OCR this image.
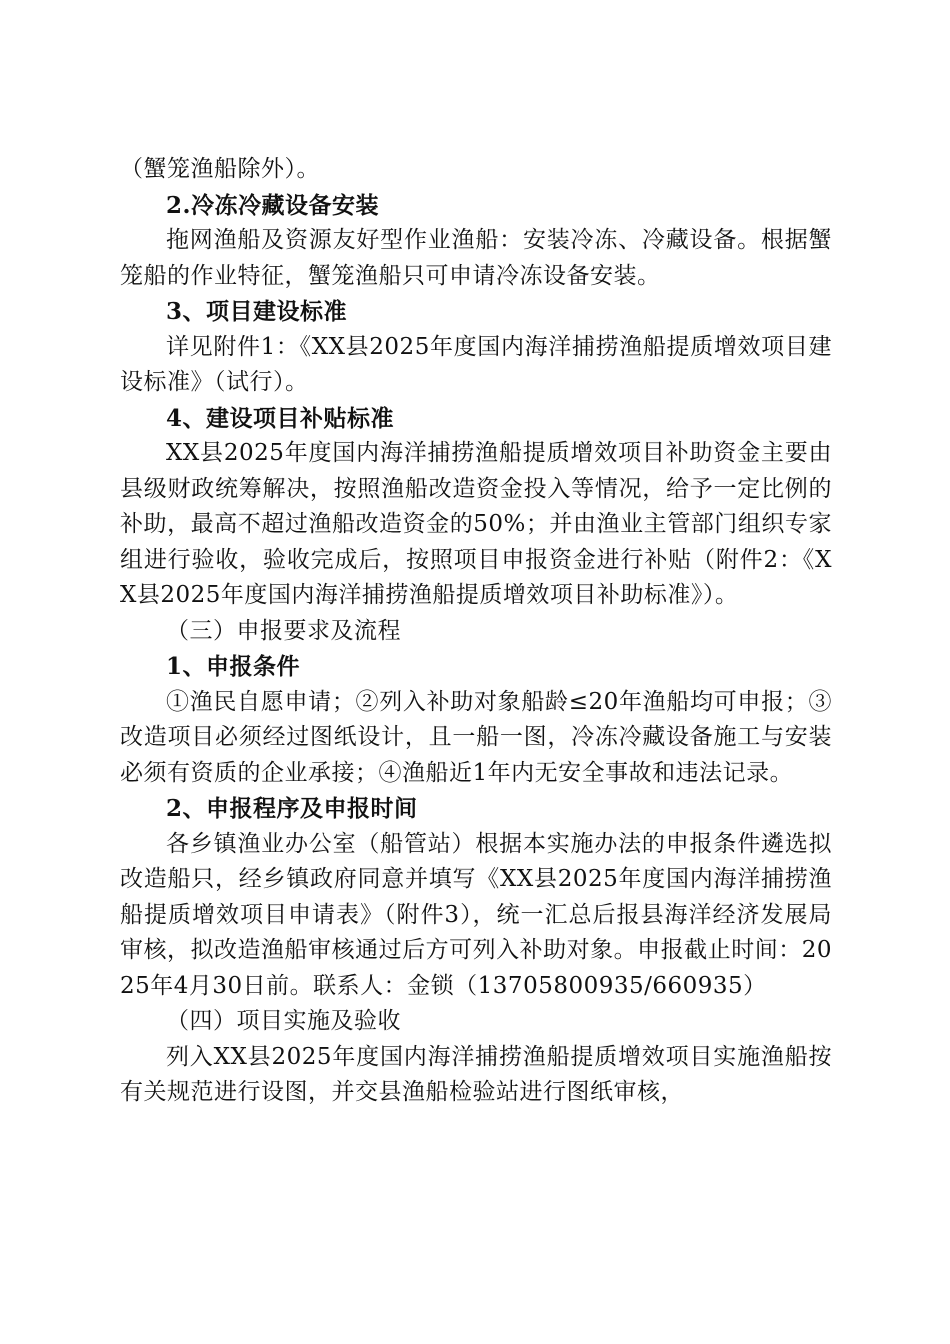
（蟹笼渔船除外）。

2.冷冻冷藏设备安装

拖网渔船及资源友好型作业渔船：安装冷冻、冷藏设备。根据蟹笼船的作业特征，蟹笼渔船只可申请冷冻设备安装。

3、项目建设标准

详见附件1：《XX县2025年度国内海洋捕捞渔船提质增效项目建设标准》（试行）。

4、建设项目补贴标准

XX县2025年度国内海洋捕捞渔船提质增效项目补助资金主要由县级财政统筹解决，按照渔船改造资金投入等情况，给予一定比例的补助，最高不超过渔船改造资金的50%；并由渔业主管部门组织专家组进行验收，验收完成后，按照项目申报资金进行补贴（附件2：《XX县2025年度国内海洋捕捞渔船提质增效项目补助标准》）。

（三）申报要求及流程

1、申报条件

①渔民自愿申请；②列入补助对象船龄≤20年渔船均可申报；③改造项目必须经过图纸设计，且一船一图，冷冻冷藏设备施工与安装必须有资质的企业承接；④渔船近1年内无安全事故和违法记录。

2、申报程序及申报时间

各乡镇渔业办公室（船管站）根据本实施办法的申报条件遴选拟改造船只，经乡镇政府同意并填写《XX县2025年度国内海洋捕捞渔船提质增效项目申请表》（附件3），统一汇总后报县海洋经济发展局审核，拟改造渔船审核通过后方可列入补助对象。申报截止时间：2025年4月30日前。联系人：金锁（13705800935/660935）

（四）项目实施及验收

列入XX县2025年度国内海洋捕捞渔船提质增效项目实施渔船按有关规范进行设图，并交县渔船检验站进行图纸审核，
